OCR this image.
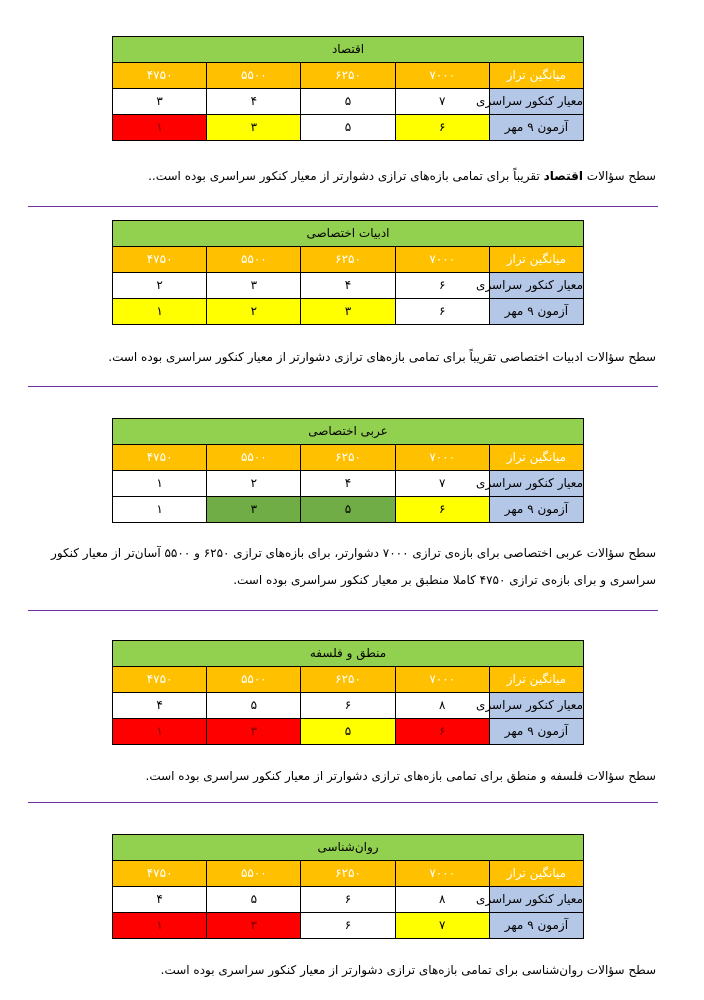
اقتصاد				
میانگین تراز	۷۰۰۰	۶۲۵۰	۵۵۰۰	۴۷۵۰
معیار کنکور سراسری	۷	۵	۴	۳
آزمون ۹ مهر	۶	۵	۳	۱
سطح سؤالات اقتصاد تقریباً برای تمامی بازه‌های ترازی دشوارتر از معیار کنکور سراسری بوده است..
ادبیات اختصاصی				
میانگین تراز	۷۰۰۰	۶۲۵۰	۵۵۰۰	۴۷۵۰
معیار کنکور سراسری	۶	۴	۳	۲
آزمون ۹ مهر	۶	۳	۲	۱
سطح سؤالات ادبیات اختصاصی تقریباً برای تمامی بازه‌های ترازی دشوارتر از معیار کنکور سراسری بوده است.
عربی اختصاصی				
میانگین تراز	۷۰۰۰	۶۲۵۰	۵۵۰۰	۴۷۵۰
معیار کنکور سراسری	۷	۴	۲	۱
آزمون ۹ مهر	۶	۵	۳	۱
سطح سؤالات عربی اختصاصی برای بازه‌ی ترازی ۷۰۰۰ دشوارتر، برای بازه‌های ترازی ۶۲۵۰ و ۵۵۰۰ آسان‌تر از معیار کنکور سراسری و برای بازه‌ی ترازی ۴۷۵۰ کاملا منطبق بر معیار کنکور سراسری بوده است.
منطق و فلسفه				
میانگین تراز	۷۰۰۰	۶۲۵۰	۵۵۰۰	۴۷۵۰
معیار کنکور سراسری	۸	۶	۵	۴
آزمون ۹ مهر	۶	۵	۳	۱
سطح سؤالات فلسفه و منطق برای تمامی بازه‌های ترازی دشوارتر از معیار کنکور سراسری بوده است.
روان‌شناسی				
میانگین تراز	۷۰۰۰	۶۲۵۰	۵۵۰۰	۴۷۵۰
معیار کنکور سراسری	۸	۶	۵	۴
آزمون ۹ مهر	۷	۶	۳	۱
سطح سؤالات روان‌شناسی برای تمامی بازه‌های ترازی دشوارتر از معیار کنکور سراسری بوده است.
